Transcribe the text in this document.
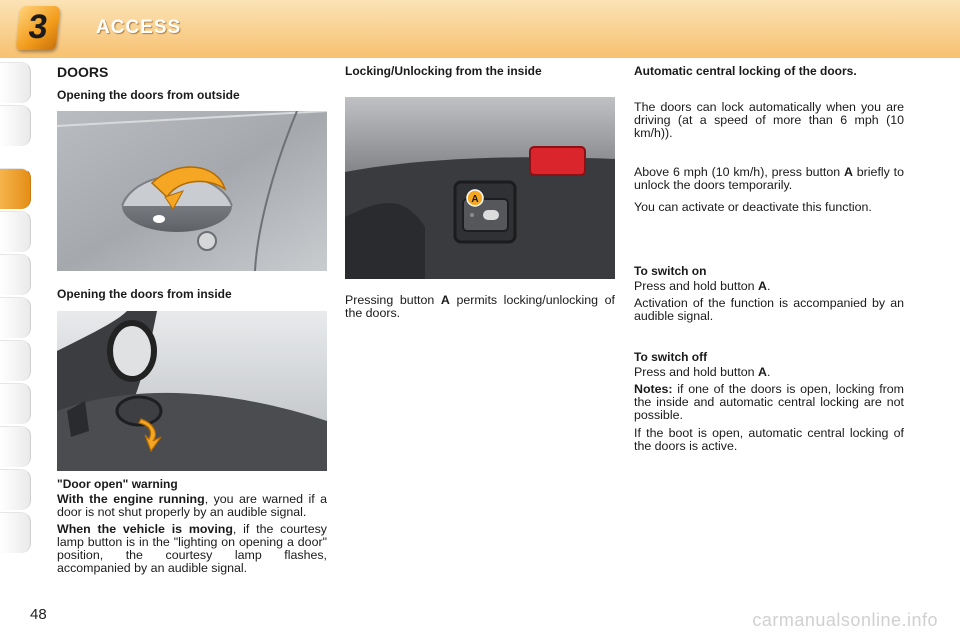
3	ACCESS
DOORS
Opening the doors from outside
Opening the doors from inside
"Door open" warning

With the engine running, you are warned if a door is not shut properly by an audible signal.

When the vehicle is moving, if the courtesy lamp button is in the "lighting on opening a door" position, the courtesy lamp flashes, accompanied by an audible signal.

Locking/Unlocking from the inside

Pressing button A permits locking/unlocking of the doors.

A
Automatic central locking of the doors.

The doors can lock automatically when you are driving (at a speed of more than 6 mph (10 km/h)).

Above 6 mph (10 km/h), press button A briefly to unlock the doors temporarily.

You can activate or deactivate this function.

To switch on

Press and hold button A.

Activation of the function is accompanied by an audible signal.

To switch off

Press and hold button A.

Notes: if one of the doors is open, locking from the inside and automatic central locking are not possible.

If the boot is open, automatic central locking of the doors is active.

48	carmanualsonline.info
